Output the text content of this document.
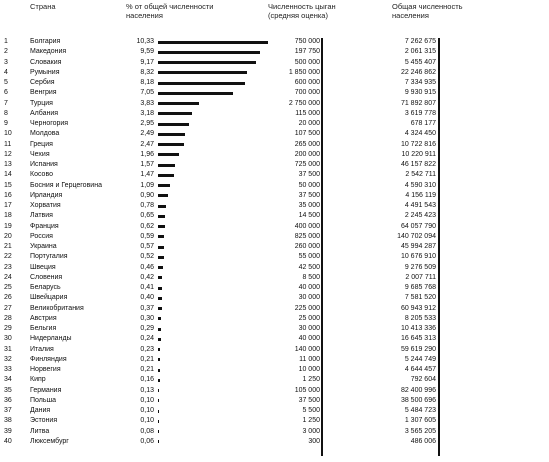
Страна	% от общей численности
населения
Численность цыган
(средняя оценка)
Общая численность
населения
1	Болгария	10,33	750 000	7 262 675
2	Македония	9,59	197 750	2 061 315
3	Словакия	9,17	500 000	5 455 407
4	Румыния	8,32	1 850 000	22 246 862
5	Сербия	8,18	600 000	7 334 935
6	Венгрия	7,05	700 000	9 930 915
7	Турция	3,83	2 750 000	71 892 807
8	Албания	3,18	115 000	3 619 778
9	Черногория	2,95	20 000	678 177
10	Молдова	2,49	107 500	4 324 450
11	Греция	2,47	265 000	10 722 816
12	Чехия	1,96	200 000	10 220 911
13	Испания	1,57	725 000	46 157 822
14	Косово	1,47	37 500	2 542 711
15	Босния и Герцеговина	1,09	50 000	4 590 310
16	Ирландия	0,90	37 500	4 156 119
17	Хорватия	0,78	35 000	4 491 543
18	Латвия	0,65	14 500	2 245 423
19	Франция	0,62	400 000	64 057 790
20	Россия	0,59	825 000	140 702 094
21	Украина	0,57	260 000	45 994 287
22	Португалия	0,52	55 000	10 676 910
23	Швеция	0,46	42 500	9 276 509
24	Словения	0,42	8 500	2 007 711
25	Беларусь	0,41	40 000	9 685 768
26	Швейцария	0,40	30 000	7 581 520
27	Великобритания	0,37	225 000	60 943 912
28	Австрия	0,30	25 000	8 205 533
29	Бельгия	0,29	30 000	10 413 336
30	Нидерланды	0,24	40 000	16 645 313
31	Италия	0,23	140 000	59 619 290
32	Финляндия	0,21	11 000	5 244 749
33	Норвегия	0,21	10 000	4 644 457
34	Кипр	0,16	1 250	792 604
35	Германия	0,13	105 000	82 400 996
36	Польша	0,10	37 500	38 500 696
37	Дания	0,10	5 500	5 484 723
38	Эстония	0,10	1 250	1 307 605
39	Литва	0,08	3 000	3 565 205
40	Люксембург	0,06	300	486 006
